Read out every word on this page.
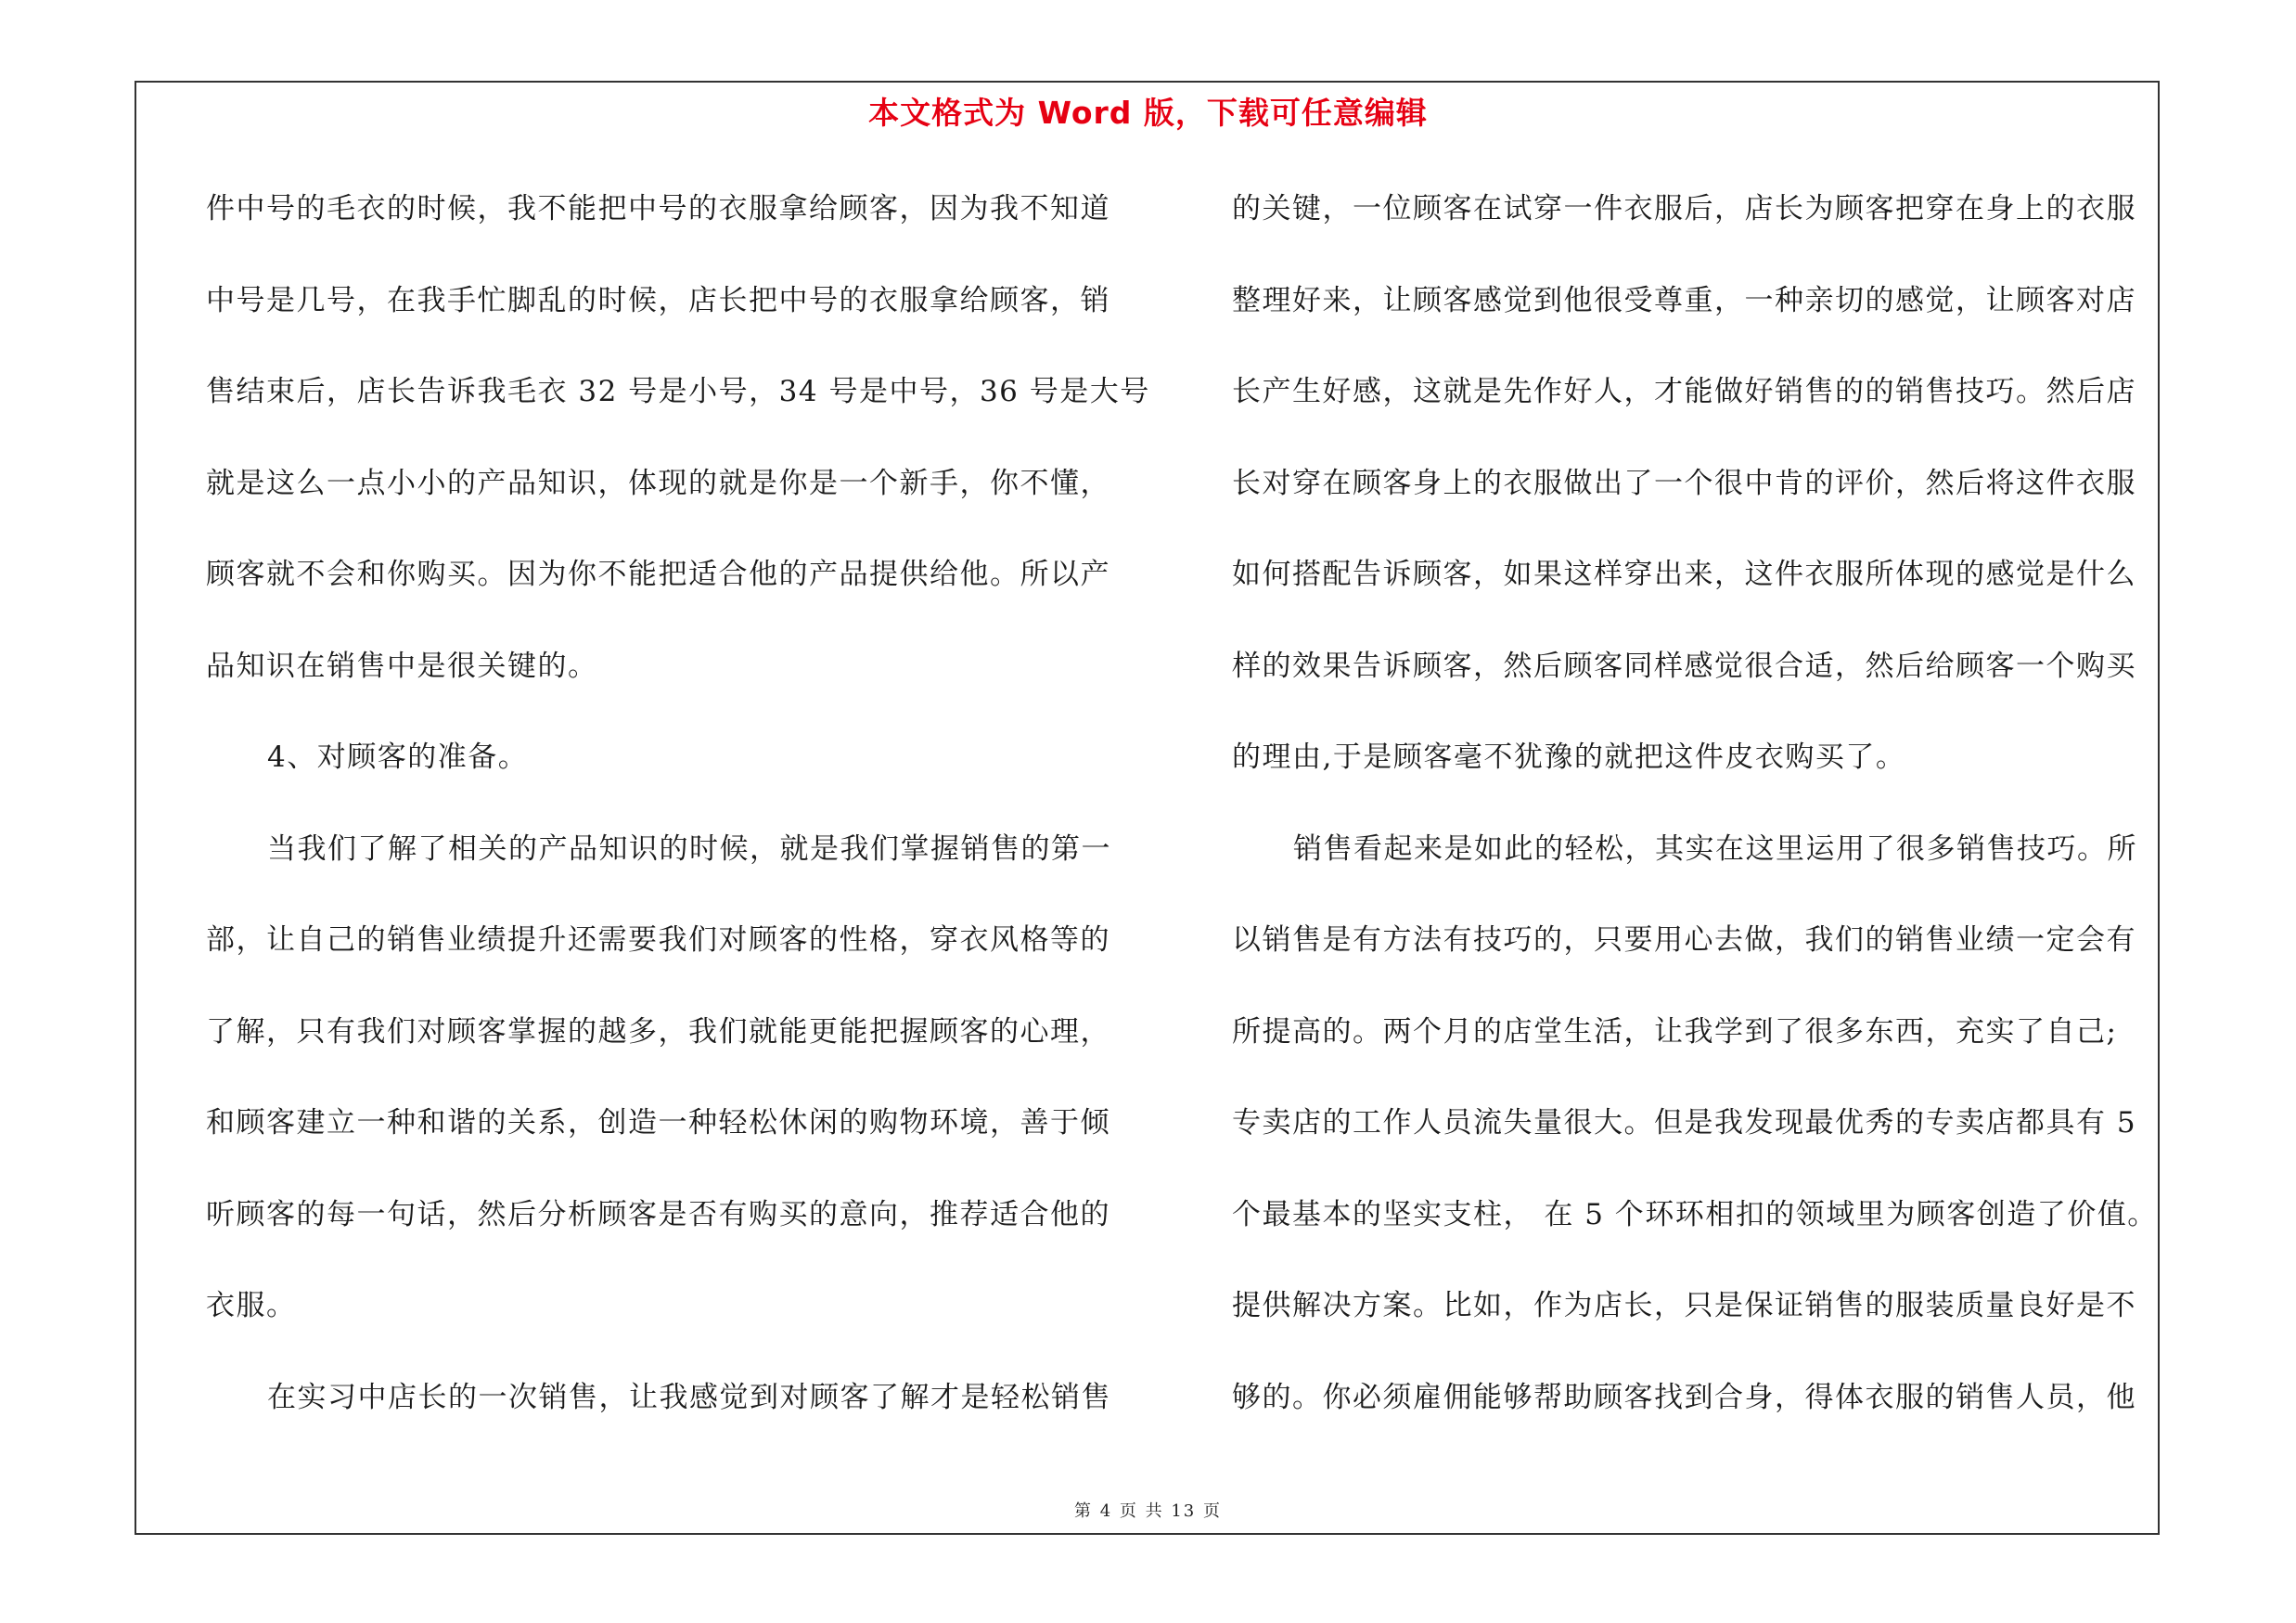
本文格式为 Word 版，下载可任意编辑
件中号的毛衣的时候，我不能把中号的衣服拿给顾客，因为我不知道
中号是几号，在我手忙脚乱的时候，店长把中号的衣服拿给顾客，销
售结束后，店长告诉我毛衣 32 号是小号，34 号是中号，36 号是大号
就是这么一点小小的产品知识，体现的就是你是一个新手，你不懂，
顾客就不会和你购买。因为你不能把适合他的产品提供给他。所以产
品知识在销售中是很关键的。
4、对顾客的准备。
当我们了解了相关的产品知识的时候，就是我们掌握销售的第一
部，让自己的销售业绩提升还需要我们对顾客的性格，穿衣风格等的
了解，只有我们对顾客掌握的越多，我们就能更能把握顾客的心理，
和顾客建立一种和谐的关系，创造一种轻松休闲的购物环境，善于倾
听顾客的每一句话，然后分析顾客是否有购买的意向，推荐适合他的
衣服。
在实习中店长的一次销售，让我感觉到对顾客了解才是轻松销售
的关键，一位顾客在试穿一件衣服后，店长为顾客把穿在身上的衣服
整理好来，让顾客感觉到他很受尊重，一种亲切的感觉，让顾客对店
长产生好感，这就是先作好人，才能做好销售的的销售技巧。然后店
长对穿在顾客身上的衣服做出了一个很中肯的评价，然后将这件衣服
如何搭配告诉顾客，如果这样穿出来，这件衣服所体现的感觉是什么
样的效果告诉顾客，然后顾客同样感觉很合适，然后给顾客一个购买
的理由,于是顾客毫不犹豫的就把这件皮衣购买了。
销售看起来是如此的轻松，其实在这里运用了很多销售技巧。所
以销售是有方法有技巧的，只要用心去做，我们的销售业绩一定会有
所提高的。两个月的店堂生活，让我学到了很多东西，充实了自己;
专卖店的工作人员流失量很大。但是我发现最优秀的专卖店都具有 5
个最基本的坚实支柱， 在 5 个环环相扣的领域里为顾客创造了价值。
提供解决方案。比如，作为店长，只是保证销售的服装质量良好是不
够的。你必须雇佣能够帮助顾客找到合身，得体衣服的销售人员，他
第 4 页 共 13 页
